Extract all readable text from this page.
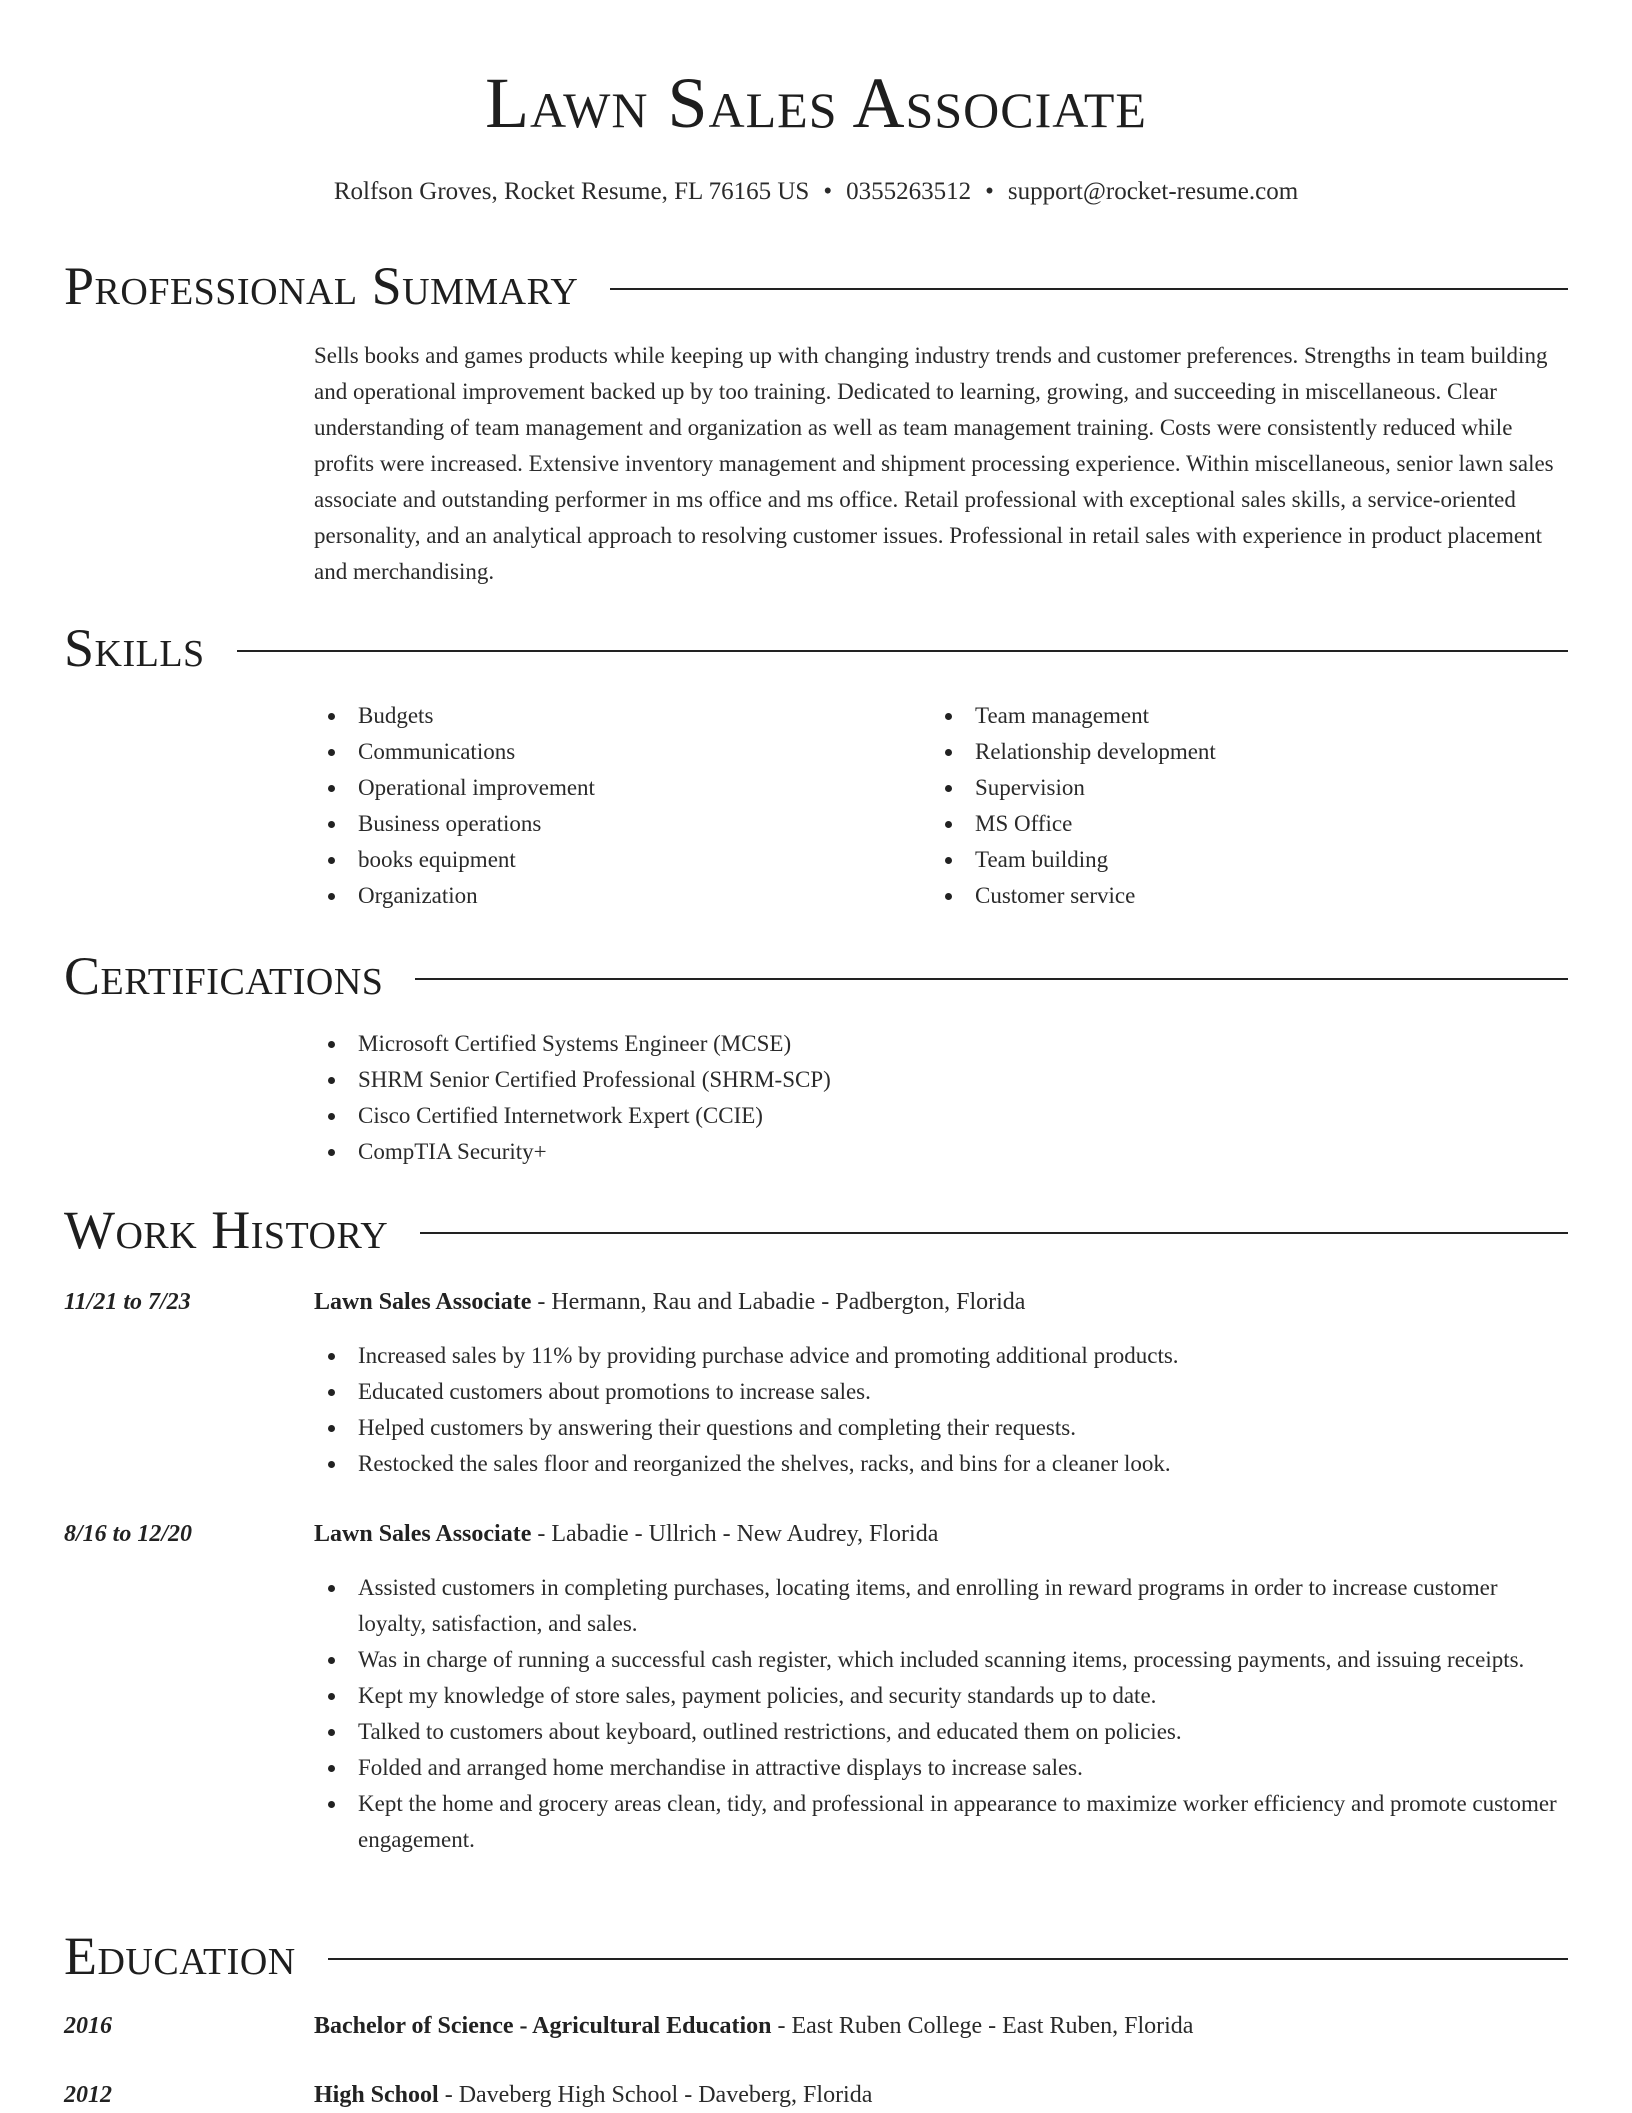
Lawn Sales Associate
Rolfson Groves, Rocket Resume, FL 76165 US • 0355263512 • support@rocket-resume.com
Professional Summary
Sells books and games products while keeping up with changing industry trends and customer preferences. Strengths in team building and operational improvement backed up by too training. Dedicated to learning, growing, and succeeding in miscellaneous. Clear understanding of team management and organization as well as team management training. Costs were consistently reduced while profits were increased. Extensive inventory management and shipment processing experience. Within miscellaneous, senior lawn sales associate and outstanding performer in ms office and ms office. Retail professional with exceptional sales skills, a service-oriented personality, and an analytical approach to resolving customer issues. Professional in retail sales with experience in product placement and merchandising.
Skills
Budgets
Communications
Operational improvement
Business operations
books equipment
Organization
Team management
Relationship development
Supervision
MS Office
Team building
Customer service
Certifications
Microsoft Certified Systems Engineer (MCSE)
SHRM Senior Certified Professional (SHRM-SCP)
Cisco Certified Internetwork Expert (CCIE)
CompTIA Security+
Work History
11/21 to 7/23	Lawn Sales Associate - Hermann, Rau and Labadie - Padbergton, Florida
Increased sales by 11% by providing purchase advice and promoting additional products.
Educated customers about promotions to increase sales.
Helped customers by answering their questions and completing their requests.
Restocked the sales floor and reorganized the shelves, racks, and bins for a cleaner look.
8/16 to 12/20	Lawn Sales Associate - Labadie - Ullrich - New Audrey, Florida
Assisted customers in completing purchases, locating items, and enrolling in reward programs in order to increase customer loyalty, satisfaction, and sales.
Was in charge of running a successful cash register, which included scanning items, processing payments, and issuing receipts.
Kept my knowledge of store sales, payment policies, and security standards up to date.
Talked to customers about keyboard, outlined restrictions, and educated them on policies.
Folded and arranged home merchandise in attractive displays to increase sales.
Kept the home and grocery areas clean, tidy, and professional in appearance to maximize worker efficiency and promote customer engagement.
Education
2016	Bachelor of Science - Agricultural Education - East Ruben College - East Ruben, Florida
2012	High School - Daveberg High School - Daveberg, Florida
